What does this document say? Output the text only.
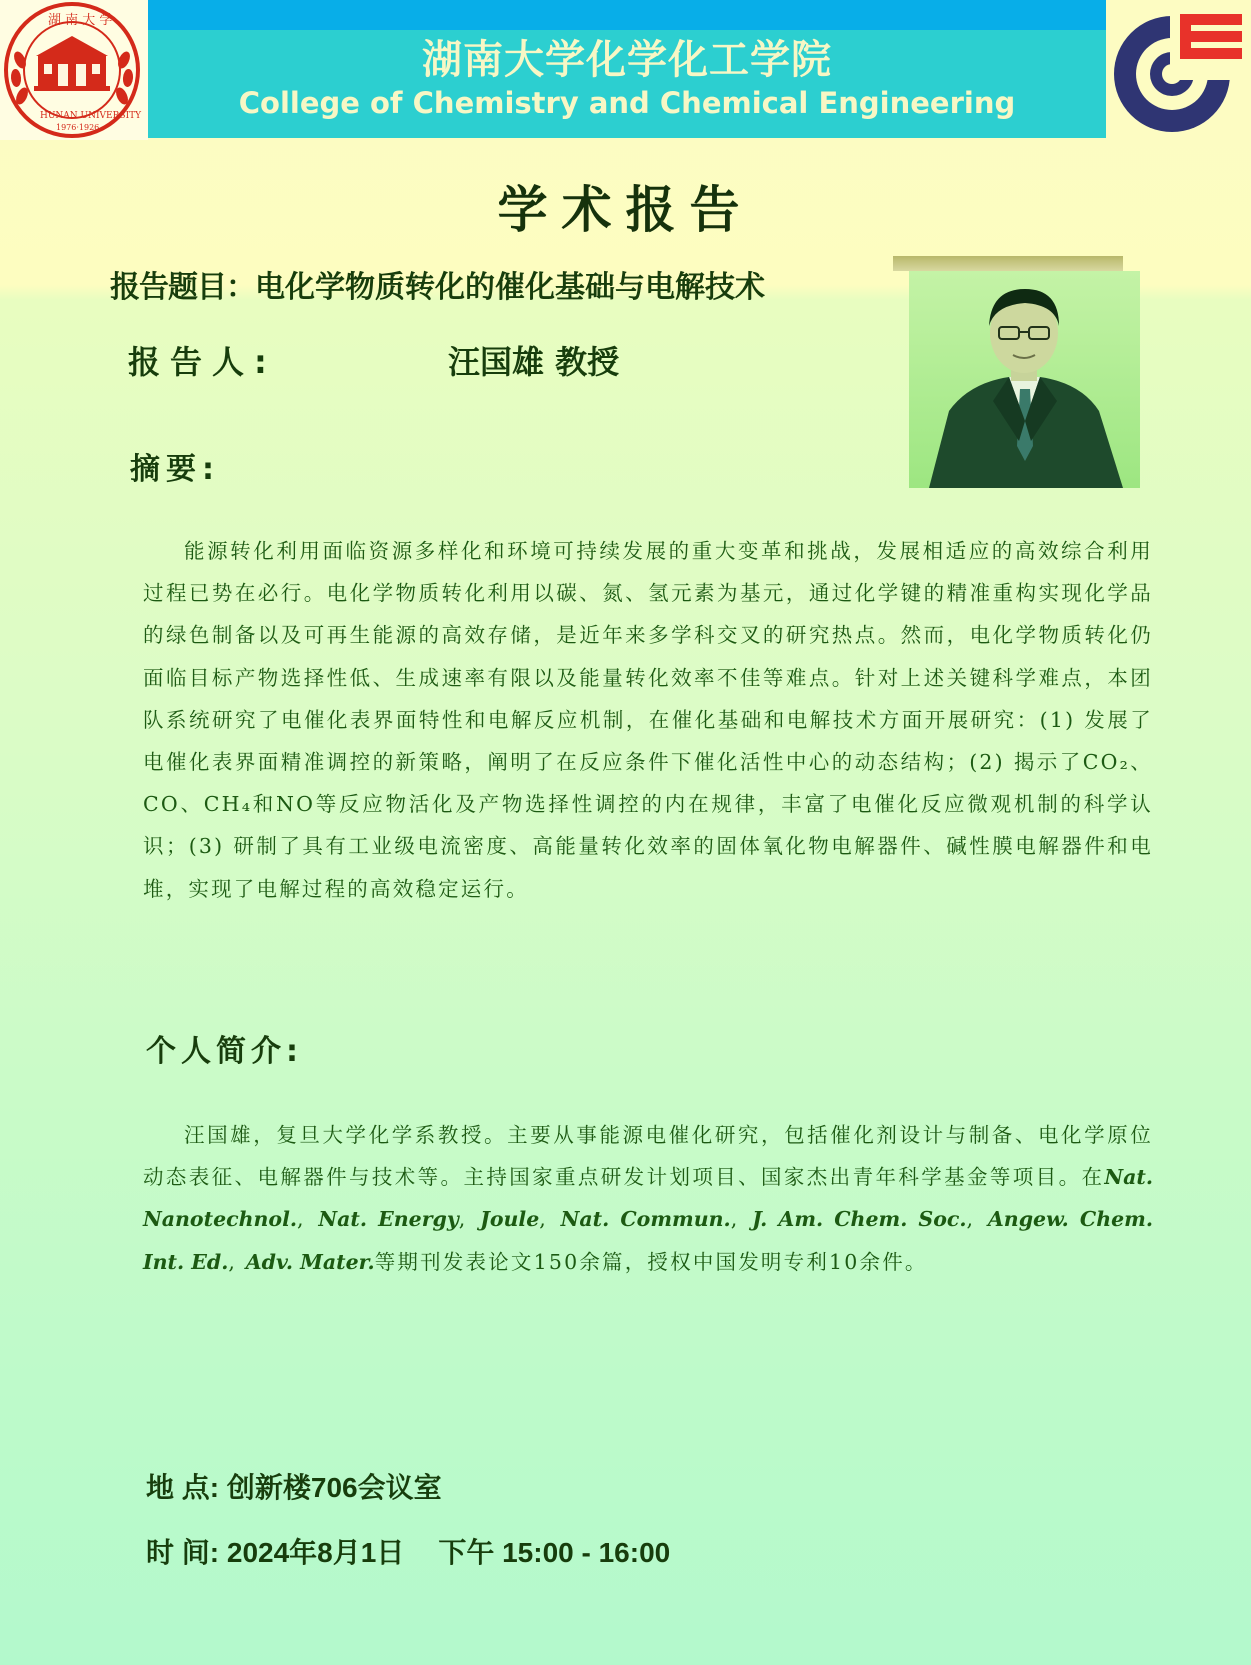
湖 南 大 学
HUNAN UNIVERSITY
1976·1926
湖南大学化学化工学院
College of Chemistry and Chemical Engineering
学术报告
报告题目：电化学物质转化的催化基础与电解技术
报告人:	汪国雄 教授
摘要:

能源转化利用面临资源多样化和环境可持续发展的重大变革和挑战，发展相适应的高效综合利用过程已势在必行。电化学物质转化利用以碳、氮、氢元素为基元，通过化学键的精准重构实现化学品的绿色制备以及可再生能源的高效存储，是近年来多学科交叉的研究热点。然而，电化学物质转化仍面临目标产物选择性低、生成速率有限以及能量转化效率不佳等难点。针对上述关键科学难点，本团队系统研究了电催化表界面特性和电解反应机制，在催化基础和电解技术方面开展研究：(1) 发展了电催化表界面精准调控的新策略，阐明了在反应条件下催化活性中心的动态结构；(2) 揭示了CO₂、CO、CH₄和NO等反应物活化及产物选择性调控的内在规律，丰富了电催化反应微观机制的科学认识；(3) 研制了具有工业级电流密度、高能量转化效率的固体氧化物电解器件、碱性膜电解器件和电堆，实现了电解过程的高效稳定运行。

个人简介:

汪国雄，复旦大学化学系教授。主要从事能源电催化研究，包括催化剂设计与制备、电化学原位动态表征、电解器件与技术等。主持国家重点研发计划项目、国家杰出青年科学基金等项目。在Nat. Nanotechnol., Nat. Energy, Joule, Nat. Commun., J. Am. Chem. Soc., Angew. Chem. Int. Ed., Adv. Mater.等期刊发表论文150余篇，授权中国发明专利10余件。

地 点: 创新楼706会议室
时 间: 2024年8月1日 下午 15:00 - 16:00
